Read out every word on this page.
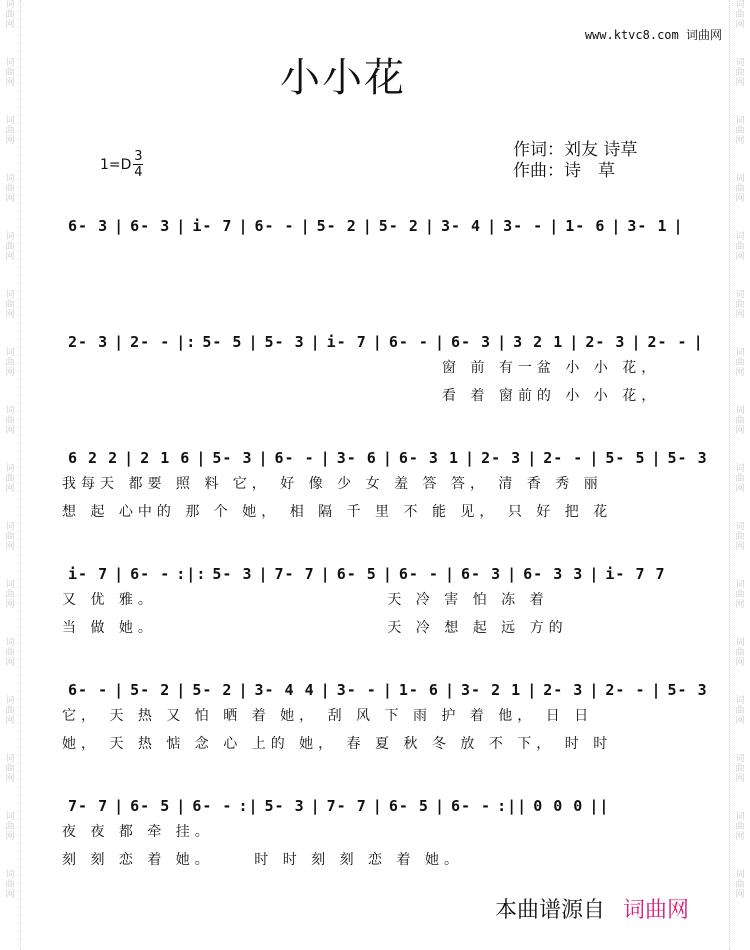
词
曲
网
词
曲
网
词
曲
网
词
曲
网
词
曲
网
词
曲
网
词
曲
网
词
曲
网
词
曲
网
词
曲
网
词
曲
网
词
曲
网
词
曲
网
词
曲
网
词
曲
网
词
曲
网
词
曲
网
词
曲
网
词
曲
网
词
曲
网
词
曲
网
词
曲
网
词
曲
网
词
曲
网
词
曲
网
词
曲
网
词
曲
网
词
曲
网
词
曲
网
词
曲
网
词
曲
网
词
曲
网
www.ktvc8.com 词曲网
小小花
$1=D \frac{3}{4}$	作词：刘友 诗草
作曲：诗　草
6- 3 | 6- 3 | i- 7 | 6- - | 5- 2 | 5- 2 | 3- 4 | 3- - | 1- 6 | 3- 1 |
2- 3 | 2- - |: 5- 5 | 5- 3 | i- 7 | 6- - | 6- 3 | 3 2 1 | 2- 3 | 2- - |
窗 前 有一盆 小 小 花，
看 着 窗前的 小 小 花，
6 2 2 | 2 1 6 | 5- 3 | 6- - | 3- 6 | 6- 3 1 | 2- 3 | 2- - | 5- 5 | 5- 3
我每天 都要 照 料 它， 好 像 少 女 羞 答 答， 清 香 秀 丽
想 起 心中的 那 个 她， 相 隔 千 里 不 能 见， 只 好 把 花
i- 7 | 6- - :|: 5- 3 | 7- 7 | 6- 5 | 6- - | 6- 3 | 6- 3 3 | i- 7 7
又 优 雅。　　　　　　　　　　　　 天 冷 害 怕 冻 着
当 做 她。　　　　　　　　　　　　 天 冷 想 起 远 方的
6- - | 5- 2 | 5- 2 | 3- 4 4 | 3- - | 1- 6 | 3- 2 1 | 2- 3 | 2- - | 5- 3
它， 天 热 又 怕 晒 着 她， 刮 风 下 雨 护 着 他， 日 日
她， 天 热 惦 念 心 上的 她， 春 夏 秋 冬 放 不 下， 时 时
7- 7 | 6- 5 | 6- - :| 5- 3 | 7- 7 | 6- 5 | 6- - :|| 0 0 0 ||
夜 夜 都 牵 挂。
刻 刻 恋 着 她。　　 时 时 刻 刻 恋 着 她。
本曲谱源自 词曲网
